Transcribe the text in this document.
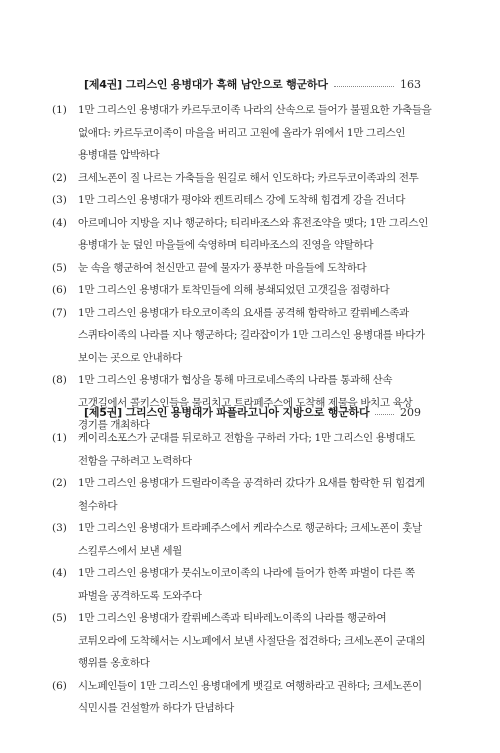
[제4권] 그리스인 용병대가 흑해 남안으로 행군하다	163
(1)	1만 그리스인 용병대가 카르두코이족 나라의 산속으로 들어가 불필요한 가축들을 없애다: 카르두코이족이 마을을 버리고 고원에 올라가 위에서 1만 그리스인 용병대를 압박하다
(2)	크세노폰이 질 나르는 가축들을 원길로 해서 인도하다; 카르두코이족과의 전투
(3)	1만 그리스인 용병대가 평야와 켄트리테스 강에 도착해 힘겹게 강을 건너다
(4)	아르메니아 지방을 지나 행군하다; 티리바조스와 휴전조약을 맺다; 1만 그리스인 용병대가 눈 덮인 마을들에 숙영하며 티리바조스의 진영을 약탈하다
(5)	눈 속을 행군하여 천신만고 끝에 물자가 풍부한 마을들에 도착하다
(6)	1만 그리스인 용병대가 토착민들에 의해 봉쇄되었던 고갯길을 점령하다
(7)	1만 그리스인 용병대가 타오코이족의 요새를 공격해 함락하고 칼뤼베스족과 스퀴타이족의 나라를 지나 행군하다; 길라잡이가 1만 그리스인 용병대를 바다가 보이는 곳으로 안내하다
(8)	1만 그리스인 용병대가 협상을 통해 마크로네스족의 나라를 통과해 산속 고갯길에서 콜키스인들을 물리치고 트라페주스에 도착해 제물을 바치고 육상 경기를 개최하다
[제5권] 그리스인 용병대가 파플라고니아 지방으로 행군하다	209
(1)	케이리소포스가 군대를 뒤로하고 전함을 구하러 가다; 1만 그리스인 용병대도 전함을 구하려고 노력하다
(2)	1만 그리스인 용병대가 드릴라이족을 공격하러 갔다가 요새를 함락한 뒤 힘겹게 철수하다
(3)	1만 그리스인 용병대가 트라페주스에서 케라수스로 행군하다; 크세노폰이 훗날 스킬루스에서 보낸 세월
(4)	1만 그리스인 용병대가 뭇쉬노이코이족의 나라에 들어가 한쪽 파벌이 다른 쪽 파벌을 공격하도록 도와주다
(5)	1만 그리스인 용병대가 칼뤼베스족과 티바레노이족의 나라를 행군하여 코튀오라에 도착해서는 시노페에서 보낸 사절단을 접견하다; 크세노폰이 군대의 행위를 옹호하다
(6)	시노페인들이 1만 그리스인 용병대에게 뱃길로 여행하라고 권하다; 크세노폰이 식민시를 건설할까 하다가 단념하다
